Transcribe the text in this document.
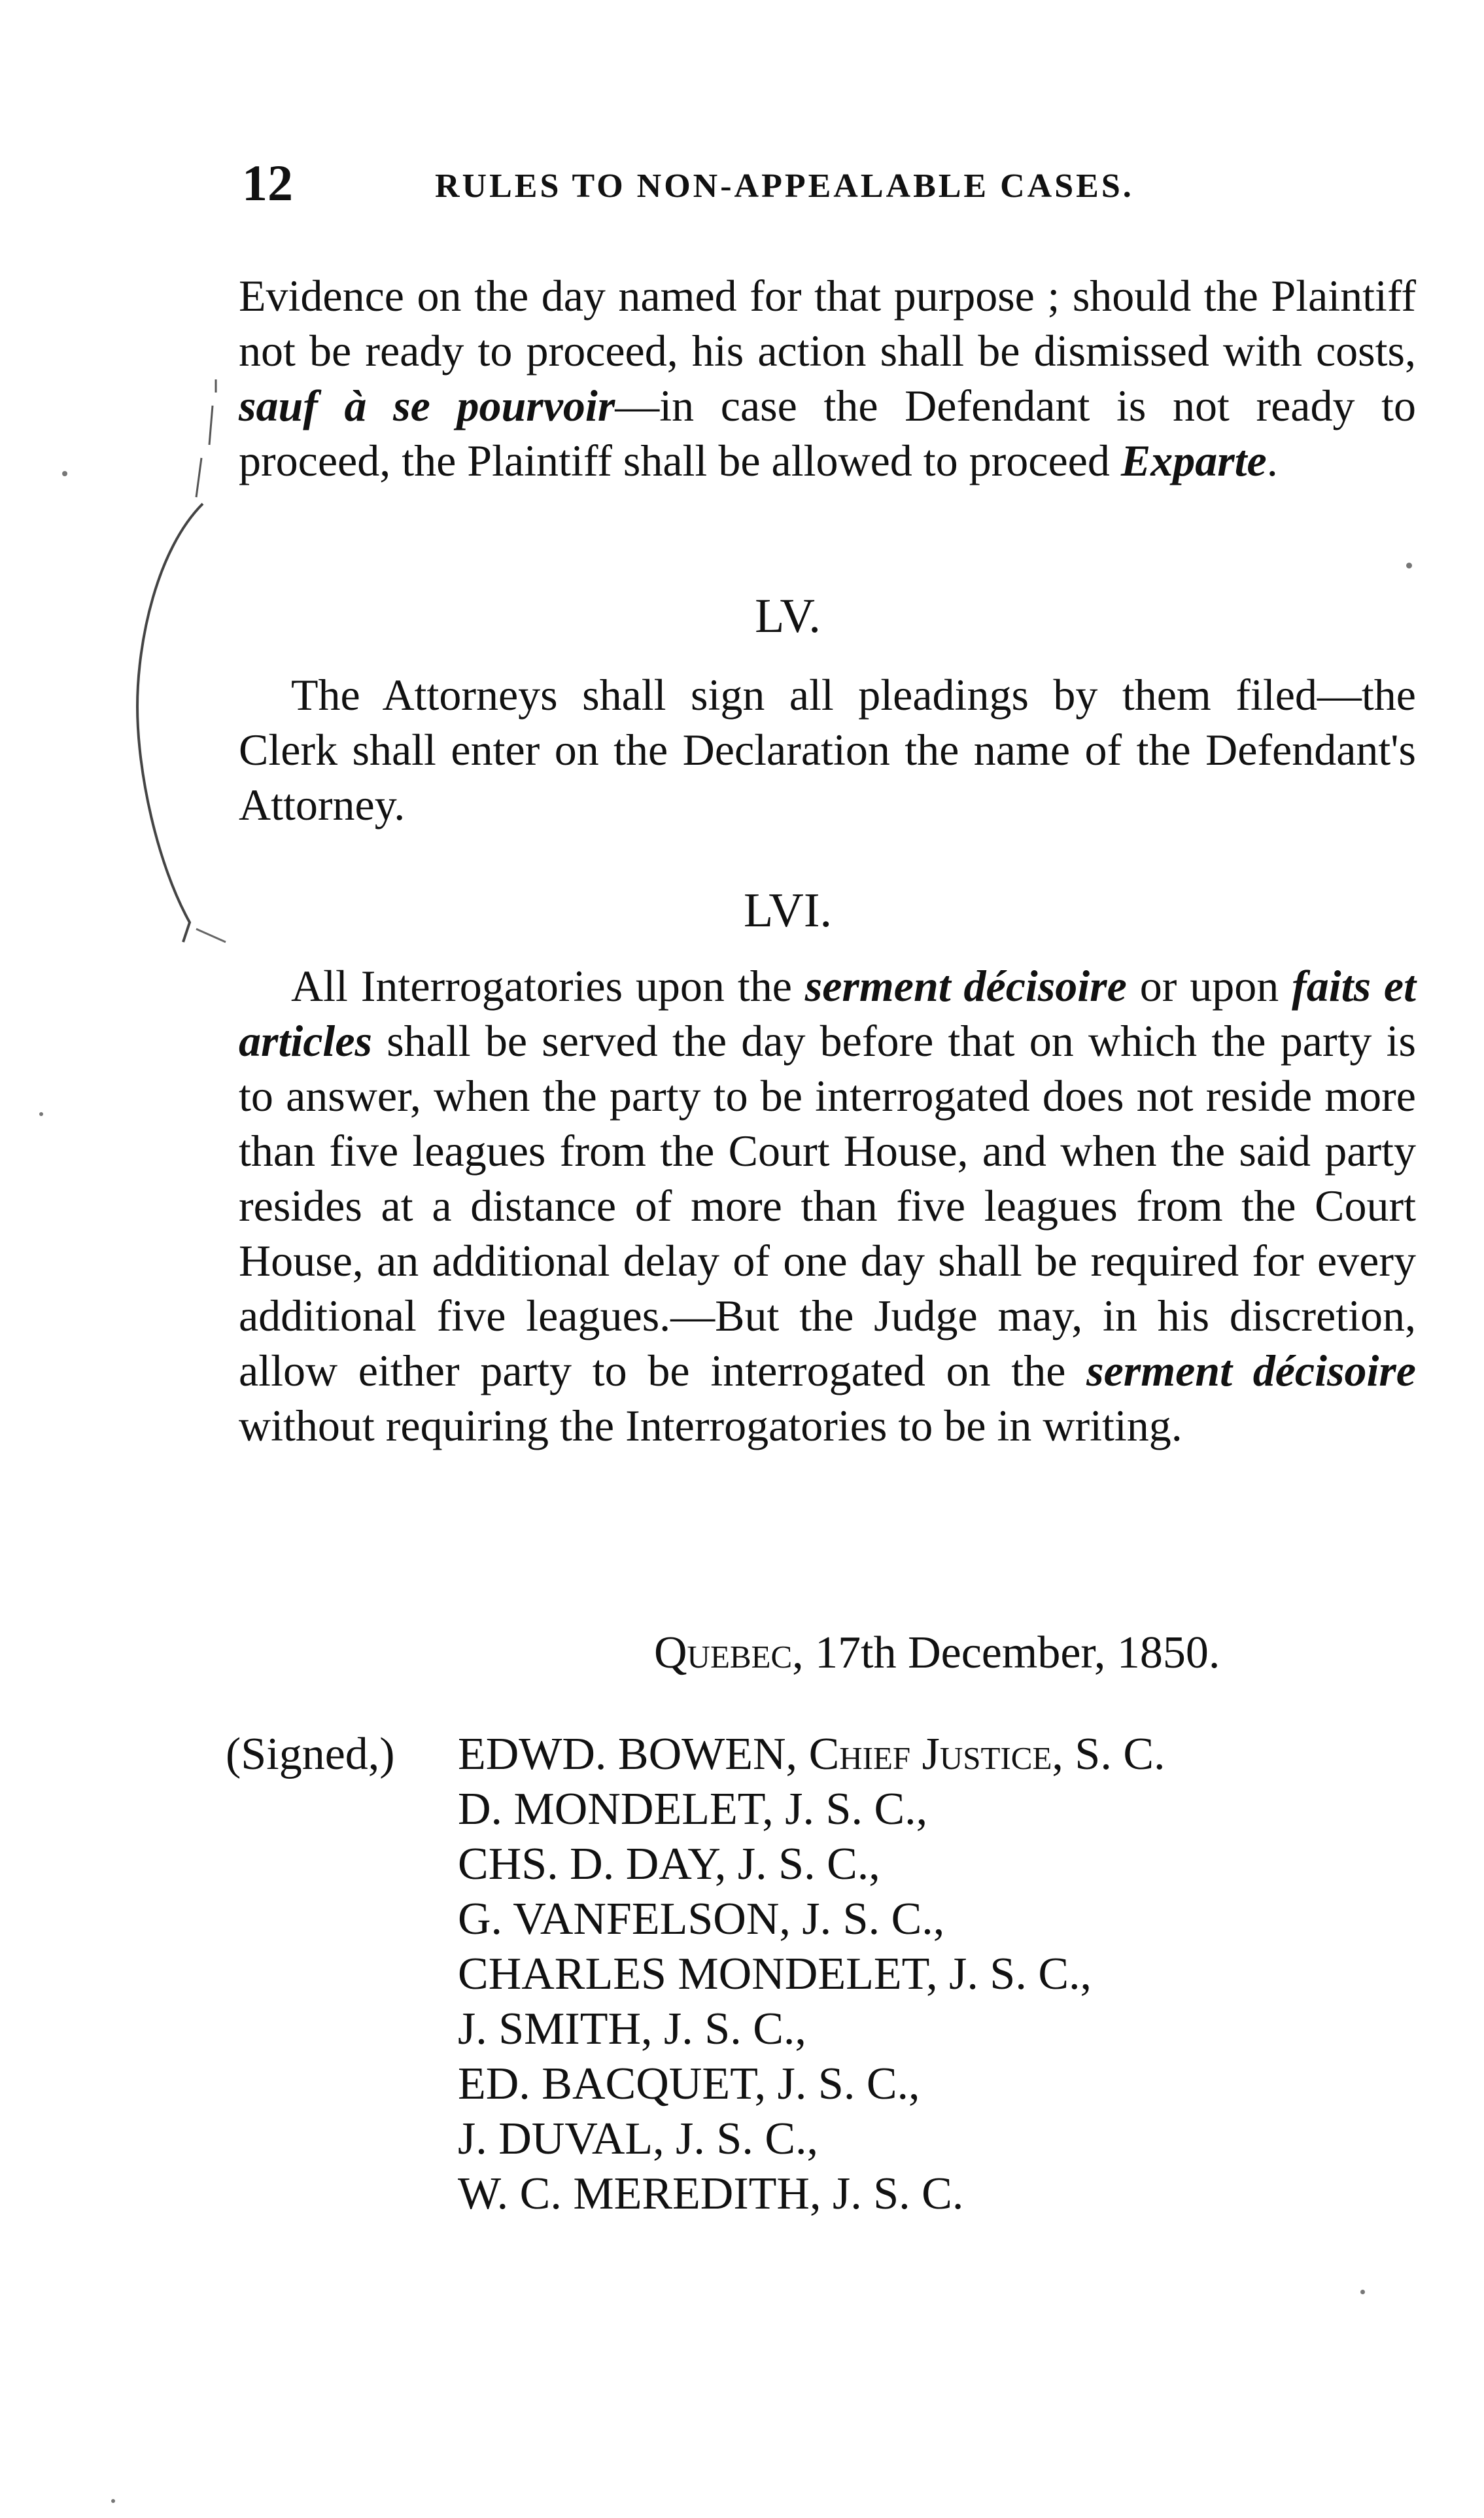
12	RULES TO NON-APPEALABLE CASES.

Evidence on the day named for that purpose ; should the Plaintiff not be ready to proceed, his action shall be dismissed with costs, sauf à se pourvoir—in case the Defendant is not ready to proceed, the Plaintiff shall be allowed to proceed Exparte.

LV.

The Attorneys shall sign all pleadings by them filed—the Clerk shall enter on the Declaration the name of the Defendant's Attorney.

LVI.

All Interrogatories upon the serment décisoire or upon faits et articles shall be served the day before that on which the party is to answer, when the party to be interrogated does not reside more than five leagues from the Court House, and when the said party resides at a distance of more than five leagues from the Court House, an additional delay of one day shall be required for every additional five leagues.—But the Judge may, in his discretion, allow either party to be interrogated on the serment décisoire without requiring the Interrogatories to be in writing.

Quebec, 17th December, 1850.
(Signed,) EDWD. BOWEN, Chief Justice, S. C.
D. MONDELET, J. S. C.,
CHS. D. DAY, J. S. C.,
G. VANFELSON, J. S. C.,
CHARLES MONDELET, J. S. C.,
J. SMITH, J. S. C.,
ED. BACQUET, J. S. C.,
J. DUVAL, J. S. C.,
W. C. MEREDITH, J. S. C.
